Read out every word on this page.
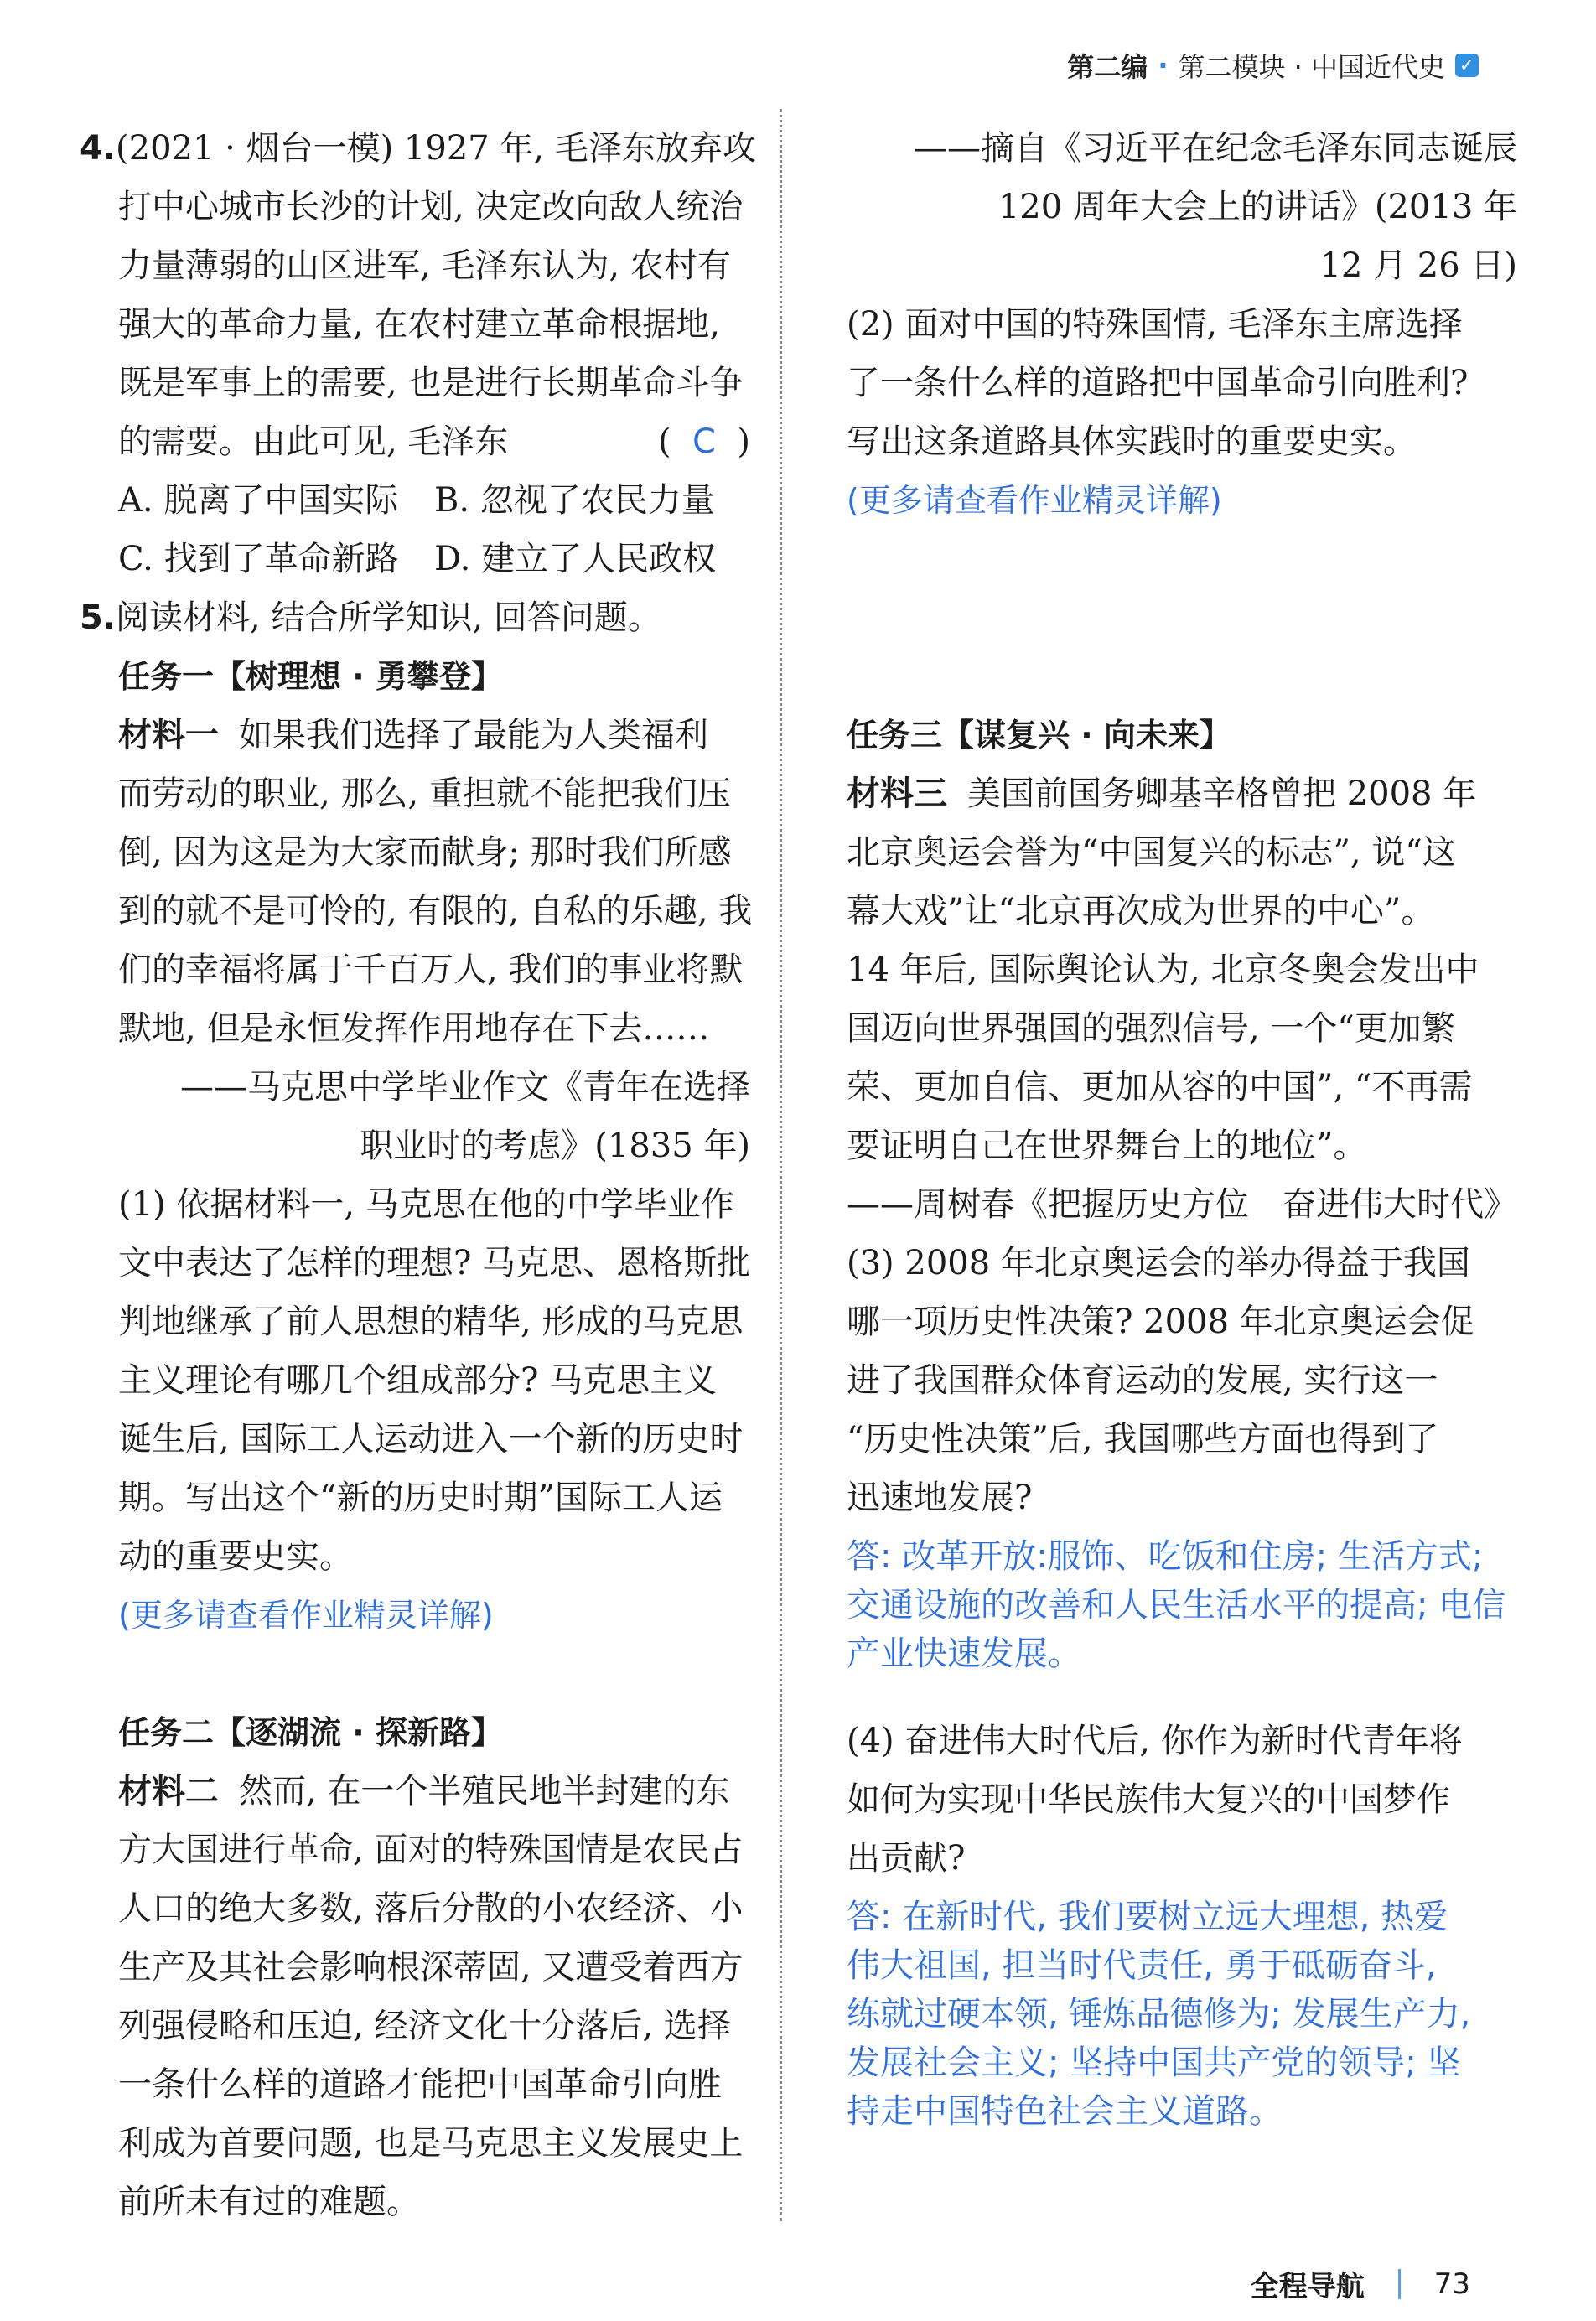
第二编 · 第二模块 · 中国近代史 ✓
4.(2021 · 烟台一模) 1927 年, 毛泽东放弃攻
打中心城市长沙的计划, 决定改向敌人统治
力量薄弱的山区进军, 毛泽东认为, 农村有
强大的革命力量, 在农村建立革命根据地,
既是军事上的需要, 也是进行长期革命斗争
的需要。由此可见, 毛泽东	( C )
A. 脱离了中国实际	B. 忽视了农民力量
C. 找到了革命新路	D. 建立了人民政权
5.阅读材料, 结合所学知识, 回答问题。
任务一【树理想 · 勇攀登】
材料一 如果我们选择了最能为人类福利
而劳动的职业, 那么, 重担就不能把我们压
倒, 因为这是为大家而献身; 那时我们所感
到的就不是可怜的, 有限的, 自私的乐趣, 我
们的幸福将属于千百万人, 我们的事业将默
默地, 但是永恒发挥作用地存在下去……
——马克思中学毕业作文《青年在选择
职业时的考虑》(1835 年)
(1) 依据材料一, 马克思在他的中学毕业作
文中表达了怎样的理想? 马克思、恩格斯批
判地继承了前人思想的精华, 形成的马克思
主义理论有哪几个组成部分? 马克思主义
诞生后, 国际工人运动进入一个新的历史时
期。写出这个“新的历史时期”国际工人运
动的重要史实。
(更多请查看作业精灵详解)
任务二【逐湖流 · 探新路】
材料二 然而, 在一个半殖民地半封建的东
方大国进行革命, 面对的特殊国情是农民占
人口的绝大多数, 落后分散的小农经济、小
生产及其社会影响根深蒂固, 又遭受着西方
列强侵略和压迫, 经济文化十分落后, 选择
一条什么样的道路才能把中国革命引向胜
利成为首要问题, 也是马克思主义发展史上
前所未有过的难题。
——摘自《习近平在纪念毛泽东同志诞辰
120 周年大会上的讲话》(2013 年
12 月 26 日)
(2) 面对中国的特殊国情, 毛泽东主席选择
了一条什么样的道路把中国革命引向胜利?
写出这条道路具体实践时的重要史实。
(更多请查看作业精灵详解)
任务三【谋复兴 · 向未来】
材料三 美国前国务卿基辛格曾把 2008 年
北京奥运会誉为“中国复兴的标志”, 说“这
幕大戏”让“北京再次成为世界的中心”。
14 年后, 国际舆论认为, 北京冬奥会发出中
国迈向世界强国的强烈信号, 一个“更加繁
荣、更加自信、更加从容的中国”, “不再需
要证明自己在世界舞台上的地位”。
——周树春《把握历史方位　奋进伟大时代》
(3) 2008 年北京奥运会的举办得益于我国
哪一项历史性决策? 2008 年北京奥运会促
进了我国群众体育运动的发展, 实行这一
“历史性决策”后, 我国哪些方面也得到了
迅速地发展?
答: 改革开放:服饰、吃饭和住房; 生活方式;
交通设施的改善和人民生活水平的提高; 电信
产业快速发展。
(4) 奋进伟大时代后, 你作为新时代青年将
如何为实现中华民族伟大复兴的中国梦作
出贡献?
答: 在新时代, 我们要树立远大理想, 热爱
伟大祖国, 担当时代责任, 勇于砥砺奋斗,
练就过硬本领, 锤炼品德修为; 发展生产力,
发展社会主义; 坚持中国共产党的领导; 坚
持走中国特色社会主义道路。
全程导航 73
